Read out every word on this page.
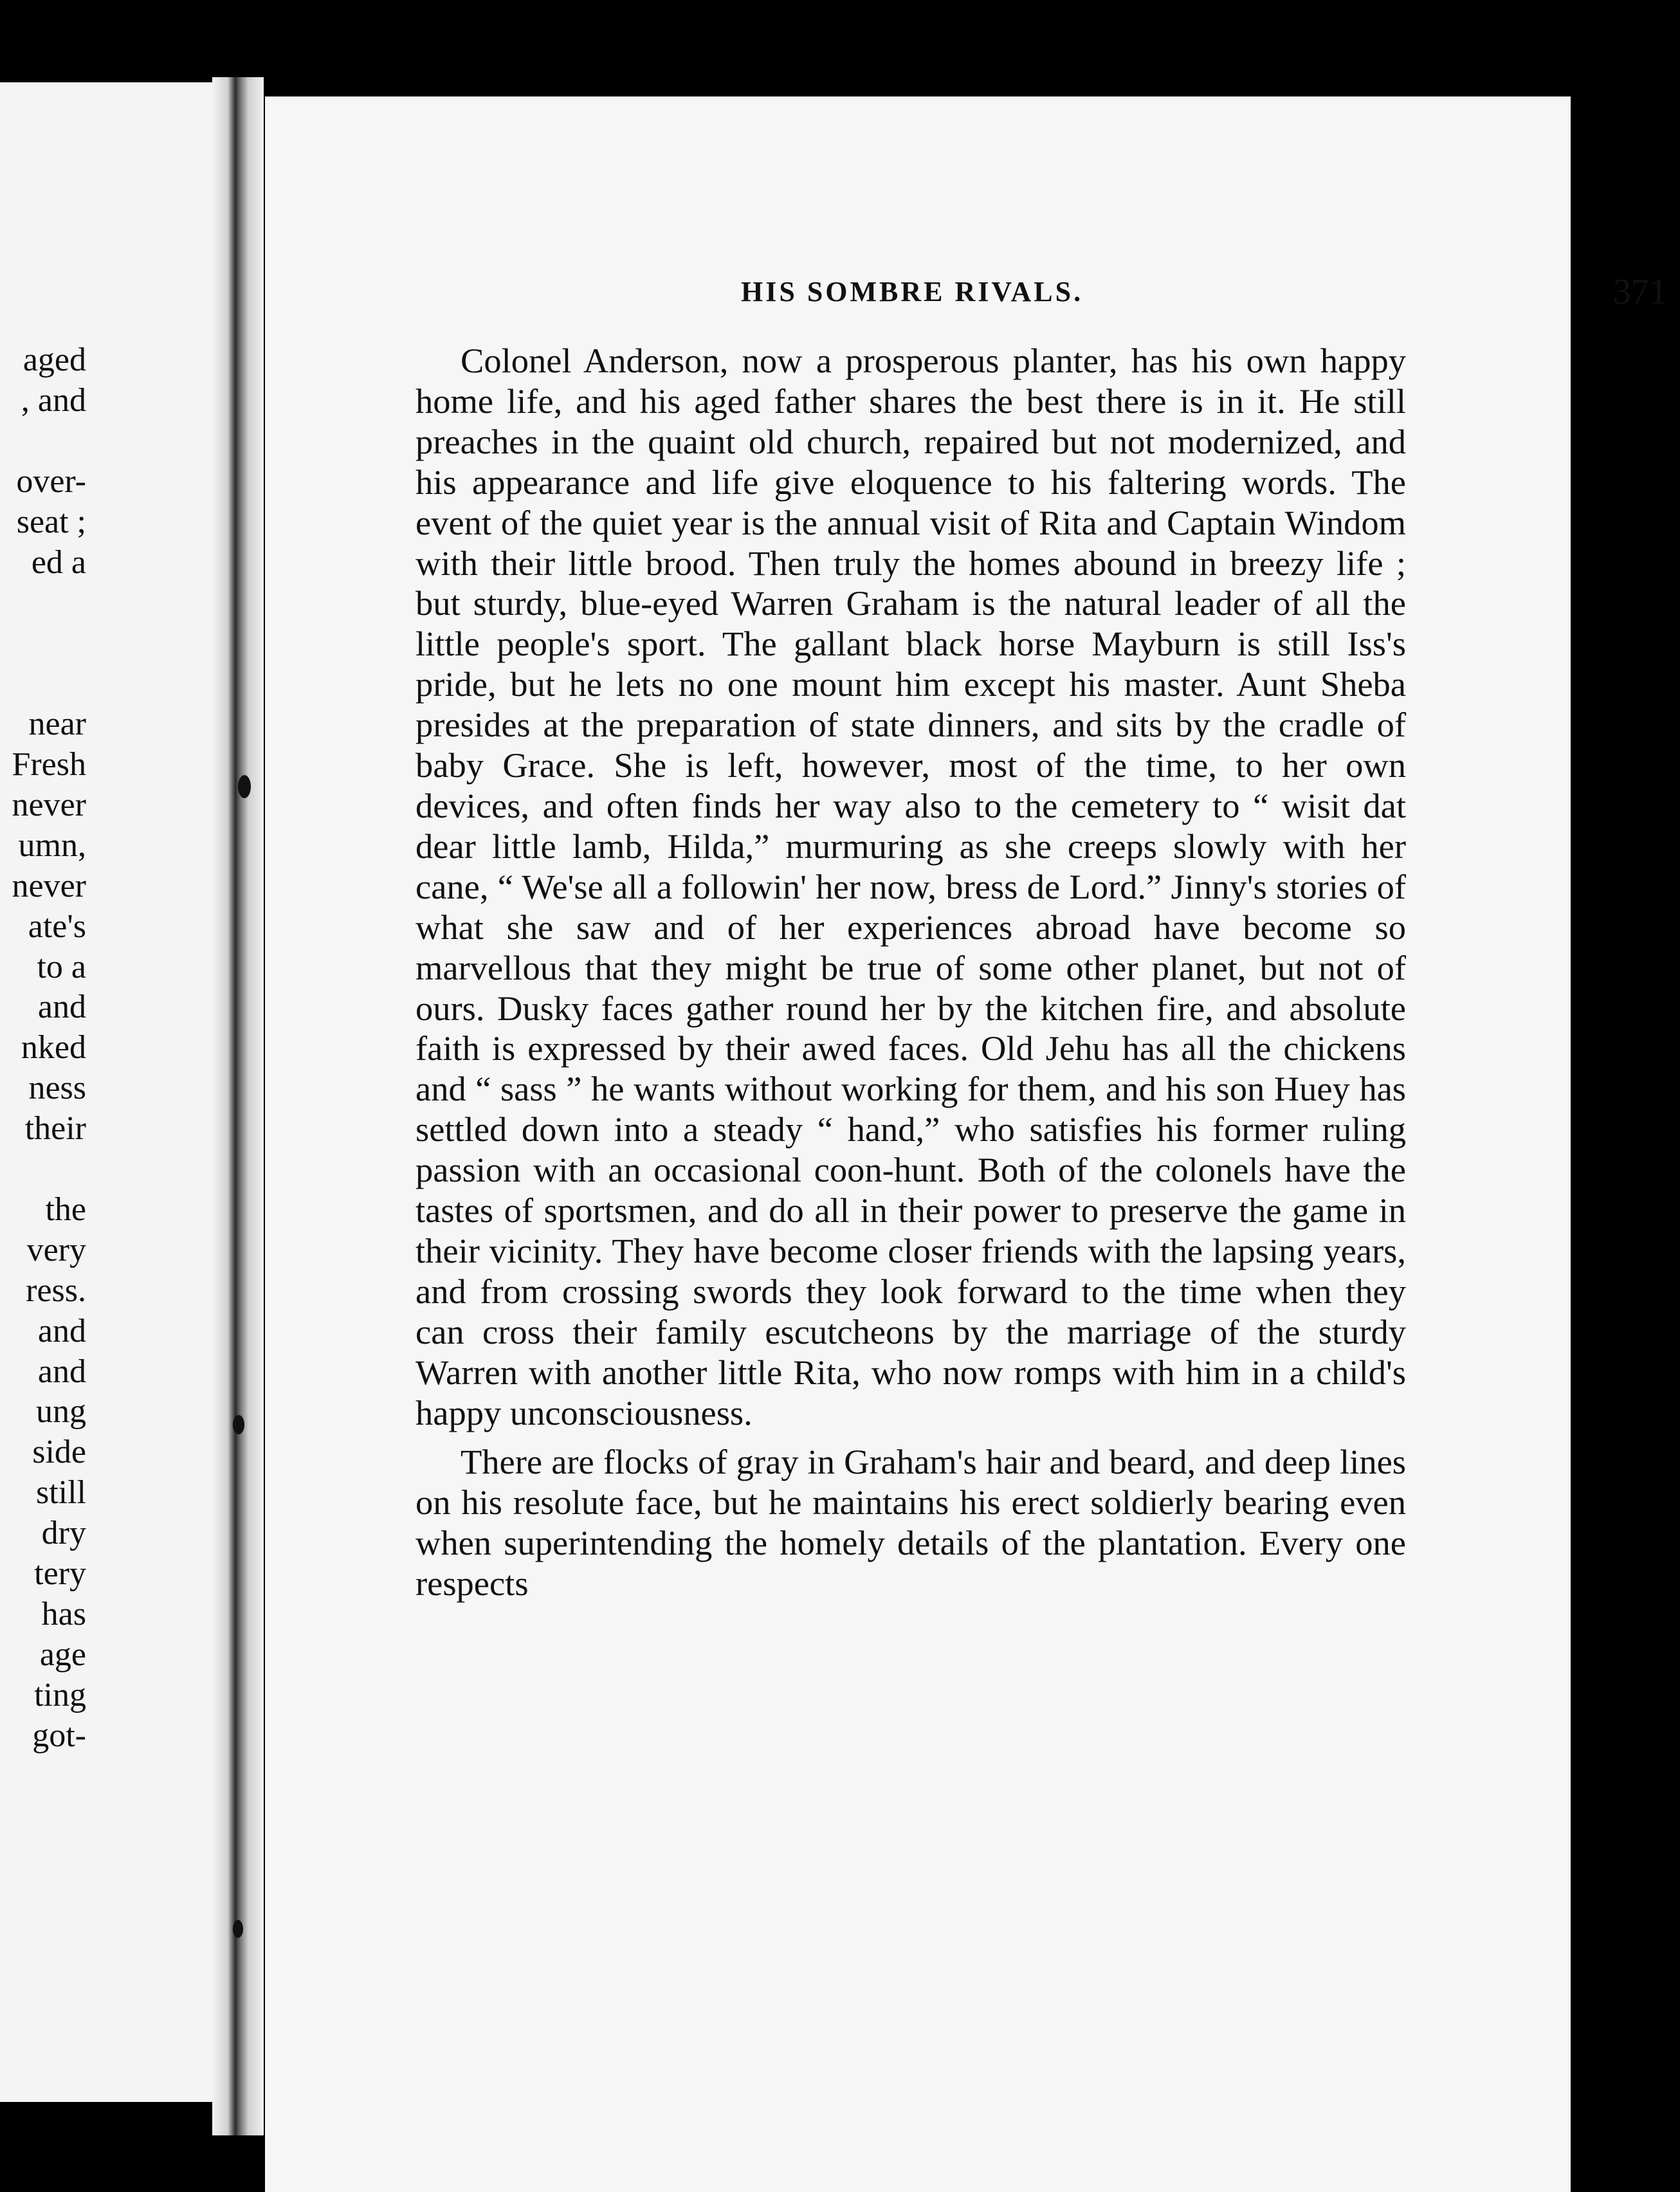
aged
, and
over-
seat ;
ed a
near
Fresh
never
umn,
never
ate's
to a
and
nked
ness
their
the
very
ress.
and
and
ung
side
still
dry
tery
has
age
ting
got-
HIS SOMBRE RIVALS.	371

Colonel Anderson, now a prosperous planter, has his own happy home life, and his aged father shares the best there is in it. He still preaches in the quaint old church, repaired but not modernized, and his appearance and life give eloquence to his faltering words. The event of the quiet year is the annual visit of Rita and Captain Windom with their little brood. Then truly the homes abound in breezy life ; but sturdy, blue-eyed Warren Graham is the natural leader of all the little people's sport. The gallant black horse Mayburn is still Iss's pride, but he lets no one mount him except his master. Aunt Sheba presides at the preparation of state dinners, and sits by the cradle of baby Grace. She is left, however, most of the time, to her own devices, and often finds her way also to the cemetery to “ wisit dat dear little lamb, Hilda,” murmuring as she creeps slowly with her cane, “ We'se all a followin' her now, bress de Lord.” Jinny's stories of what she saw and of her experiences abroad have become so marvellous that they might be true of some other planet, but not of ours. Dusky faces gather round her by the kitchen fire, and absolute faith is expressed by their awed faces. Old Jehu has all the chickens and “ sass ” he wants without working for them, and his son Huey has settled down into a steady “ hand,” who satisfies his former ruling passion with an occasional coon-hunt. Both of the colonels have the tastes of sportsmen, and do all in their power to preserve the game in their vicinity. They have become closer friends with the lapsing years, and from crossing swords they look forward to the time when they can cross their family escutcheons by the marriage of the sturdy Warren with another little Rita, who now romps with him in a child's happy unconsciousness.

There are flocks of gray in Graham's hair and beard, and deep lines on his resolute face, but he maintains his erect soldierly bearing even when superintending the homely details of the plantation. Every one respects
